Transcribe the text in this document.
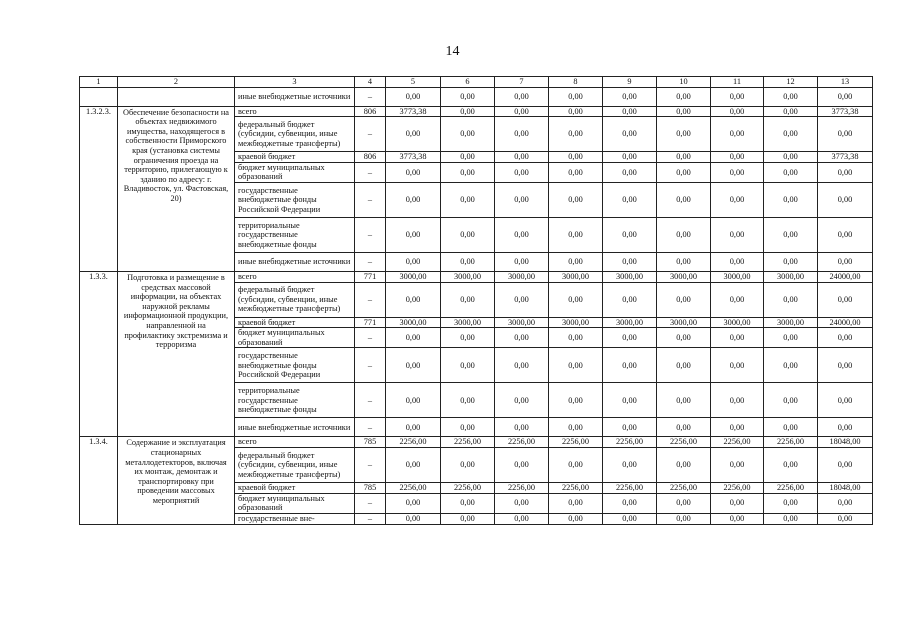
14
1	2	3	4	5	6	7	8	9	10	11	12	13
		иные внебюджетные источники	–	0,00	0,00	0,00	0,00	0,00	0,00	0,00	0,00	0,00
1.3.2.3.	Обеспечение безопасности на объектах недвижимого имущества, находящегося в собственности Приморского края (установка системы ограничения проезда на территорию, прилегающую к зданию по адресу: г. Владивосток, ул. Фастовская, 20)	всего	806	3773,38	0,00	0,00	0,00	0,00	0,00	0,00	0,00	3773,38
		федеральный бюджет (субсидии, субвенции, иные межбюджетные трансферты)	–	0,00	0,00	0,00	0,00	0,00	0,00	0,00	0,00	0,00
		краевой бюджет	806	3773,38	0,00	0,00	0,00	0,00	0,00	0,00	0,00	3773,38
		бюджет муниципальных образований	–	0,00	0,00	0,00	0,00	0,00	0,00	0,00	0,00	0,00
		государственные внебюджетные фонды Российской Федерации	–	0,00	0,00	0,00	0,00	0,00	0,00	0,00	0,00	0,00
		территориальные государственные внебюджетные фонды	–	0,00	0,00	0,00	0,00	0,00	0,00	0,00	0,00	0,00
		иные внебюджетные источники	–	0,00	0,00	0,00	0,00	0,00	0,00	0,00	0,00	0,00
1.3.3.	Подготовка и размещение в средствах массовой информации, на объектах наружной рекламы информационной продукции, направленной на профилактику экстремизма и терроризма	всего	771	3000,00	3000,00	3000,00	3000,00	3000,00	3000,00	3000,00	3000,00	24000,00
		федеральный бюджет (субсидии, субвенции, иные межбюджетные трансферты)	–	0,00	0,00	0,00	0,00	0,00	0,00	0,00	0,00	0,00
		краевой бюджет	771	3000,00	3000,00	3000,00	3000,00	3000,00	3000,00	3000,00	3000,00	24000,00
		бюджет муниципальных образований	–	0,00	0,00	0,00	0,00	0,00	0,00	0,00	0,00	0,00
		государственные внебюджетные фонды Российской Федерации	–	0,00	0,00	0,00	0,00	0,00	0,00	0,00	0,00	0,00
		территориальные государственные внебюджетные фонды	–	0,00	0,00	0,00	0,00	0,00	0,00	0,00	0,00	0,00
		иные внебюджетные источники	–	0,00	0,00	0,00	0,00	0,00	0,00	0,00	0,00	0,00
1.3.4.	Содержание и эксплуатация стационарных металлодетекторов, включая их монтаж, демонтаж и транспортировку при проведении массовых мероприятий	всего	785	2256,00	2256,00	2256,00	2256,00	2256,00	2256,00	2256,00	2256,00	18048,00
		федеральный бюджет (субсидии, субвенции, иные межбюджетные трансферты)	–	0,00	0,00	0,00	0,00	0,00	0,00	0,00	0,00	0,00
		краевой бюджет	785	2256,00	2256,00	2256,00	2256,00	2256,00	2256,00	2256,00	2256,00	18048,00
		бюджет муниципальных образований	–	0,00	0,00	0,00	0,00	0,00	0,00	0,00	0,00	0,00
		государственные вне-	–	0,00	0,00	0,00	0,00	0,00	0,00	0,00	0,00	0,00
